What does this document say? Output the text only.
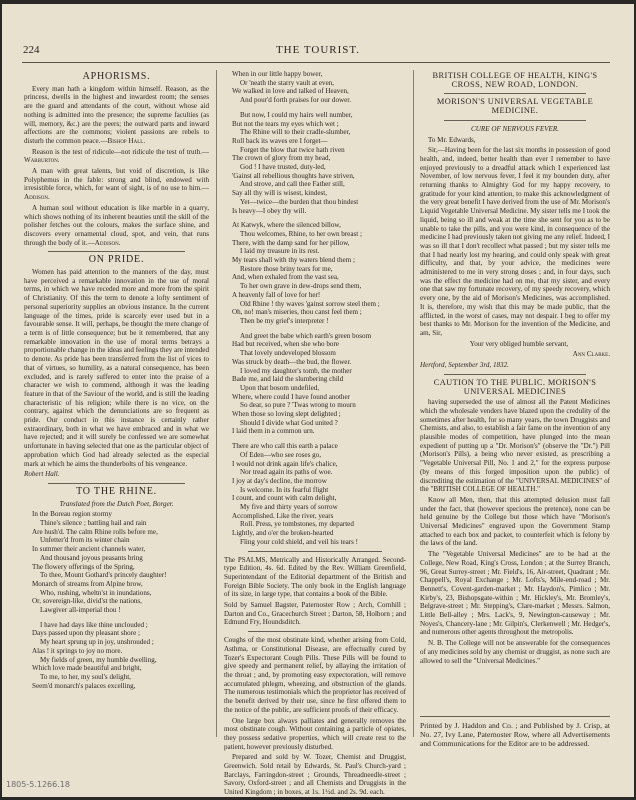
224	THE TOURIST.
APHORISMS.

Every man hath a kingdom within himself. Reason, as the princess, dwells in the highest and inwardest room; the senses are the guard and attendants of the court, without whose aid nothing is admitted into the presence; the supreme faculties (as will, memory, &c.) are the peers; the outward parts and inward affections are the commons; violent passions are rebels to disturb the common peace.—Bishop Hall.

Reason is the test of ridicule—not ridicule the test of truth.—Warburton.

A man with great talents, but void of discretion, is like Polyphemus in the fable: strong and blind, endowed with irresistible force, which, for want of sight, is of no use to him.—Addison.

A human soul without education is like marble in a quarry, which shows nothing of its inherent beauties until the skill of the polisher fetches out the colours, makes the surface shine, and discovers every ornamental cloud, spot, and vein, that runs through the body of it.—Addison.

ON PRIDE.

Women has paid attention to the manners of the day, must have perceived a remarkable innovation in the use of moral terms, in which we have receded more and more from the spirit of Christianity. Of this the term to denote a lofty sentiment of personal superiority supplies an obvious instance. In the current language of the times, pride is scarcely ever used but in a favourable sense. It will, perhaps, be thought the mere change of a term is of little consequence; but be it remembered, that any remarkable innovation in the use of moral terms betrays a proportionable change in the ideas and feelings they are intended to denote. As pride has been transferred from the list of vices to that of virtues, so humility, as a natural consequence, has been excluded, and is rarely suffered to enter into the praise of a character we wish to commend, although it was the leading feature in that of the Saviour of the world, and is still the leading characteristic of his religion; while there is no vice, on the contrary, against which the denunciations are so frequent as pride. Our conduct in this instance is certainly rather extraordinary, both in what we have embraced and in what we have rejected; and it will surely be confessed we are somewhat unfortunate in having selected that one as the particular object of approbation which God had already selected as the especial mark at which he aims the thunderbolts of his vengeance.

Robert Hall.

TO THE RHINE.

Translated from the Dutch Poet, Borger.

In the Boreau region stormy
Thine's silence ; battling hail and rain
Are hush'd. The calm Rhine rolls before me,
Unfetter'd from its winter chain
In summer their ancient channels water,
And thousand joyous peasants bring
The flowery offerings of the Spring,
To thee, Mount Gothard's princely daughter!
Monarch of streams from Alpine brow,
Who, rushing, wheltn'st in inundations,
Or, sovereign-like, divid'st the nations,
Lawgiver all-imperial thou !
I have had days like thine unclouded ;
Days passed upon thy pleasant shore ;
My heart sprung up in joy, unshrouded ;
Alas ! it springs to joy no more.
My fields of green, my humble dwelling,
Which love made beautiful and bright,
To me, to her, my soul's delight,
Seem'd monarch's palaces excelling,
When in our little happy bower,
Or 'neath the starry vault at even,
We walked in love and talked of Heaven,
And pour'd forth praises for our dower.
But now, I could my hairs well number,
But not the tears my eyes which wet ;
The Rhine will to their cradle-slumber,
Roll back its waves ere I forget—
Forget the blow that twice hath riven
The crown of glory from my head,
God ! I have trusted, duty-led,
'Gainst all rebellious thoughts have striven,
And strove, and call thee Father still,
Say all thy will is wisest, kindest,
Yet—twice—the burden that thou bindest
Is heavy—I obey thy will.
At Katwyk, where the silenced billow,
Thou welcomes, Rhine, to her own breast ;
There, with the damp sand for her pillow,
I laid my treasure in its rest.
My tears shall with thy waters blend them ;
Restore those briny tears for me,
And, when exhaled from the vast sea,
To her own grave in dew-drops send them,
A heavenly fall of love for her!
Old Rhine ! thy waves 'gainst sorrow steel them ;
Oh, no! man's miseries, thou canst feel them ;
Then be my grief's interpreter !
And greet the babe which earth's green bosom
Had but received, when she who bore
That lovely undeveloped blossom
Was struck by death—the bud, the flower.
I loved my daughter's tomb, the mother
Bade me, and laid the slumbering child
Upon that bosom undefiled,
Where, where could I have found another
So dear, so pure ? 'Twas wrong to mourn
When those so loving slept delighted ;
Should I divide what God united ?
I laid them in a common urn.
There are who call this earth a palace
Of Eden—who see roses go,
I would not drink again life's chalice,
Nor tread again its paths of woe.
I joy at day's decline, the morrow
Is welcome. In its fearful flight
I count, and count with calm delight,
My five and thirty years of sorrow
Accomplished. Like the river, years
Roll. Press, ye tombstones, my departed
Lightly, and o'er the broken-hearted
Fling your cold shield, and veil his tears !

The PSALMS, Metrically and Historically Arranged. Second-type Edition, 4s. 6d. Edited by the Rev. William Greenfield, Superintendant of the Editorial department of the British and Foreign Bible Society. The only book in the English language of its size, in large type, that contains a book of the Bible.

Sold by Samuel Bagster, Paternoster Row ; Arch, Cornhill ; Darton and Co., Gracechurch Street ; Darton, 58, Holborn ; and Edmund Fry, Houndsditch.

Coughs of the most obstinate kind, whether arising from Cold, Asthma, or Constitutional Disease, are effectually cured by Tozer's Expectorant Cough Pills. These Pills will be found to give speedy and permanent relief, by allaying the irritation of the throat ; and, by promoting easy expectoration, will remove accumulated phlegm, wheezing, and obstruction of the glands. The numerous testimonials which the proprietor has received of the benefit derived by their use, since he first offered them to the notice of the public, are sufficient proofs of their efficacy.

One large box always palliates and generally removes the most obstinate cough. Without containing a particle of opiates, they possess sedative properties, which will create rest to the patient, however previously disturbed.

Prepared and sold by W. Tozer, Chemist and Druggist, Greenwich. Sold retail by Edwards, St. Paul's Church-yard ; Barclays, Farringdon-street ; Grounds, Threadneedle-street ; Savory, Oxford-street ; and all Chemists and Druggists in the United Kingdom ; in boxes, at 1s. 1½d. and 2s. 9d. each.

BRITISH COLLEGE OF HEALTH, KING'S CROSS, NEW ROAD, LONDON.
MORISON'S UNIVERSAL VEGETABLE MEDICINE.

CURE OF NERVOUS FEVER.

To Mr. Edwards,

Sir,—Having been for the last six months in possession of good health, and, indeed, better health than ever I remember to have enjoyed previously to a dreadful attack which I experienced last November, of low nervous fever, I feel it my bounden duty, after returning thanks to Almighty God for my happy recovery, to gratitude for your kind attention, to make this acknowledgment of the very great benefit I have derived from the use of Mr. Morison's Liquid Vegetable Universal Medicine. My sister tells me I took the liquid, being so ill and weak at the time she sent for you as to be unable to take the pills, and you were kind, in consequence of the medicine I had previously taken not giving me any relief. Indeed, I was so ill that I don't recollect what passed ; but my sister tells me that I had nearly lost my hearing, and could only speak with great difficulty, and that, by your advice, the medicines were administered to me in very strong doses ; and, in four days, such was the effect the medicine had on me, that my sister, and every one that saw my fortunate recovery, of my speedy recovery, which every one, by the aid of Morison's Medicines, was accomplished. It is, therefore, my wish that this may be made public, that the afflicted, in the worst of cases, may not despair. I beg to offer my best thanks to Mr. Morison for the invention of the Medicine, and am, Sir,

Your very obliged humble servant,

Ann Clarke.

Hertford, September 3rd, 1832.

CAUTION TO THE PUBLIC. MORISON'S UNIVERSAL MEDICINES

having superseded the use of almost all the Patent Medicines which the wholesale venders have blazed upon the credulity of the sometimes after health, for so many years, the town Druggists and Chemists, and also, to establish a fair fame on the invention of any plausible modes of competition, have plunged into the mean expedient of putting up a "Dr. Morison's" (observe the "Dr.") Pill (Morison's Pills), a being who never existed, as prescribing a "Vegetable Universal Pill, No. 1 and 2," for the express purpose (by means of this forged imposition upon the public) of discrediting the estimation of the "UNIVERSAL MEDICINES" of the "BRITISH COLLEGE OF HEALTH."

Know all Men, then, that this attempted delusion must fall under the fact, that (however specious the pretence), none can be held genuine by the College but those which have "Morison's Universal Medicines" engraved upon the Government Stamp attached to each box and packet, to counterfeit which is felony by the laws of the land.

The "Vegetable Universal Medicines" are to be had at the College, New Road, King's Cross, London ; at the Surrey Branch, 96, Great Surrey-street ; Mr. Field's, 16, Air-street, Quadrant ; Mr. Chappell's, Royal Exchange ; Mr. Lofts's, Mile-end-road ; Mr. Bennett's, Covent-garden-market ; Mr. Haydon's, Pimlico ; Mr. Kirby's, 23, Bishopsgate-within ; Mr. Hickley's, Mr. Bromley's, Belgrave-street ; Mr. Stepping's, Clare-market ; Messrs. Salmon, Little Bell-alley ; Mrs. Lack's, 9, Newington-causeway ; Mr. Noyes's, Chancery-lane ; Mr. Gilpin's, Clerkenwell ; Mr. Hedger's, and numerous other agents throughout the metropolis.

N. B. The College will not be answerable for the consequences of any medicines sold by any chemist or druggist, as none such are allowed to sell the "Universal Medicines."

Printed by J. Haddon and Co. ; and Published by J. Crisp, at No. 27, Ivy Lane, Paternoster Row, where all Advertisements and Communications for the Editor are to be addressed.

1805-5.1266.18
